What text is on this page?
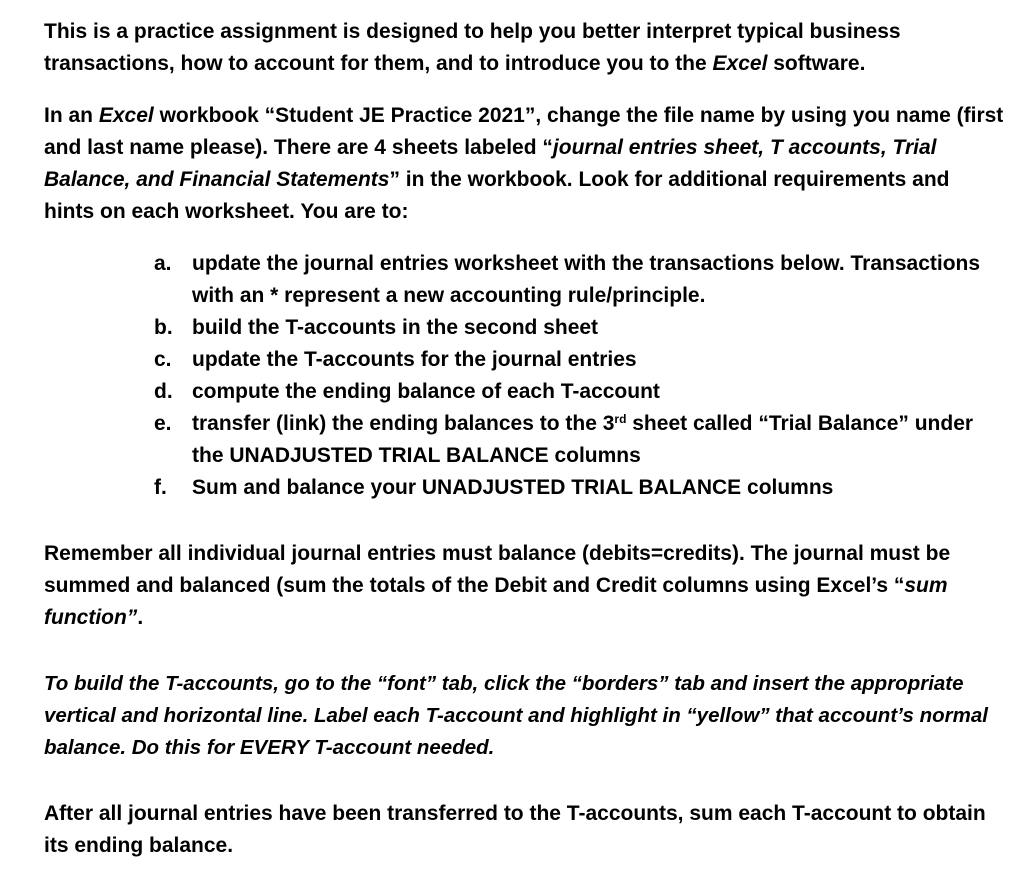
This is a practice assignment is designed to help you better interpret typical business transactions, how to account for them, and to introduce you to the Excel software.

In an Excel workbook “Student JE Practice 2021”, change the file name by using you name (first and last name please). There are 4 sheets labeled “journal entries sheet, T accounts, Trial Balance, and Financial Statements” in the workbook. Look for additional requirements and hints on each worksheet. You are to:

a. update the journal entries worksheet with the transactions below. Transactions with an * represent a new accounting rule/principle.
b. build the T-accounts in the second sheet
c. update the T-accounts for the journal entries
d. compute the ending balance of each T-account
e. transfer (link) the ending balances to the 3rd sheet called “Trial Balance” under the UNADJUSTED TRIAL BALANCE columns
f.	Sum and balance your UNADJUSTED TRIAL BALANCE columns

Remember all individual journal entries must balance (debits=credits). The journal must be summed and balanced (sum the totals of the Debit and Credit columns using Excel’s “sum function”.

To build the T-accounts, go to the “font” tab, click the “borders” tab and insert the appropriate vertical and horizontal line. Label each T-account and highlight in “yellow” that account’s normal balance. Do this for EVERY T-account needed.

After all journal entries have been transferred to the T-accounts, sum each T-account to obtain its ending balance.
